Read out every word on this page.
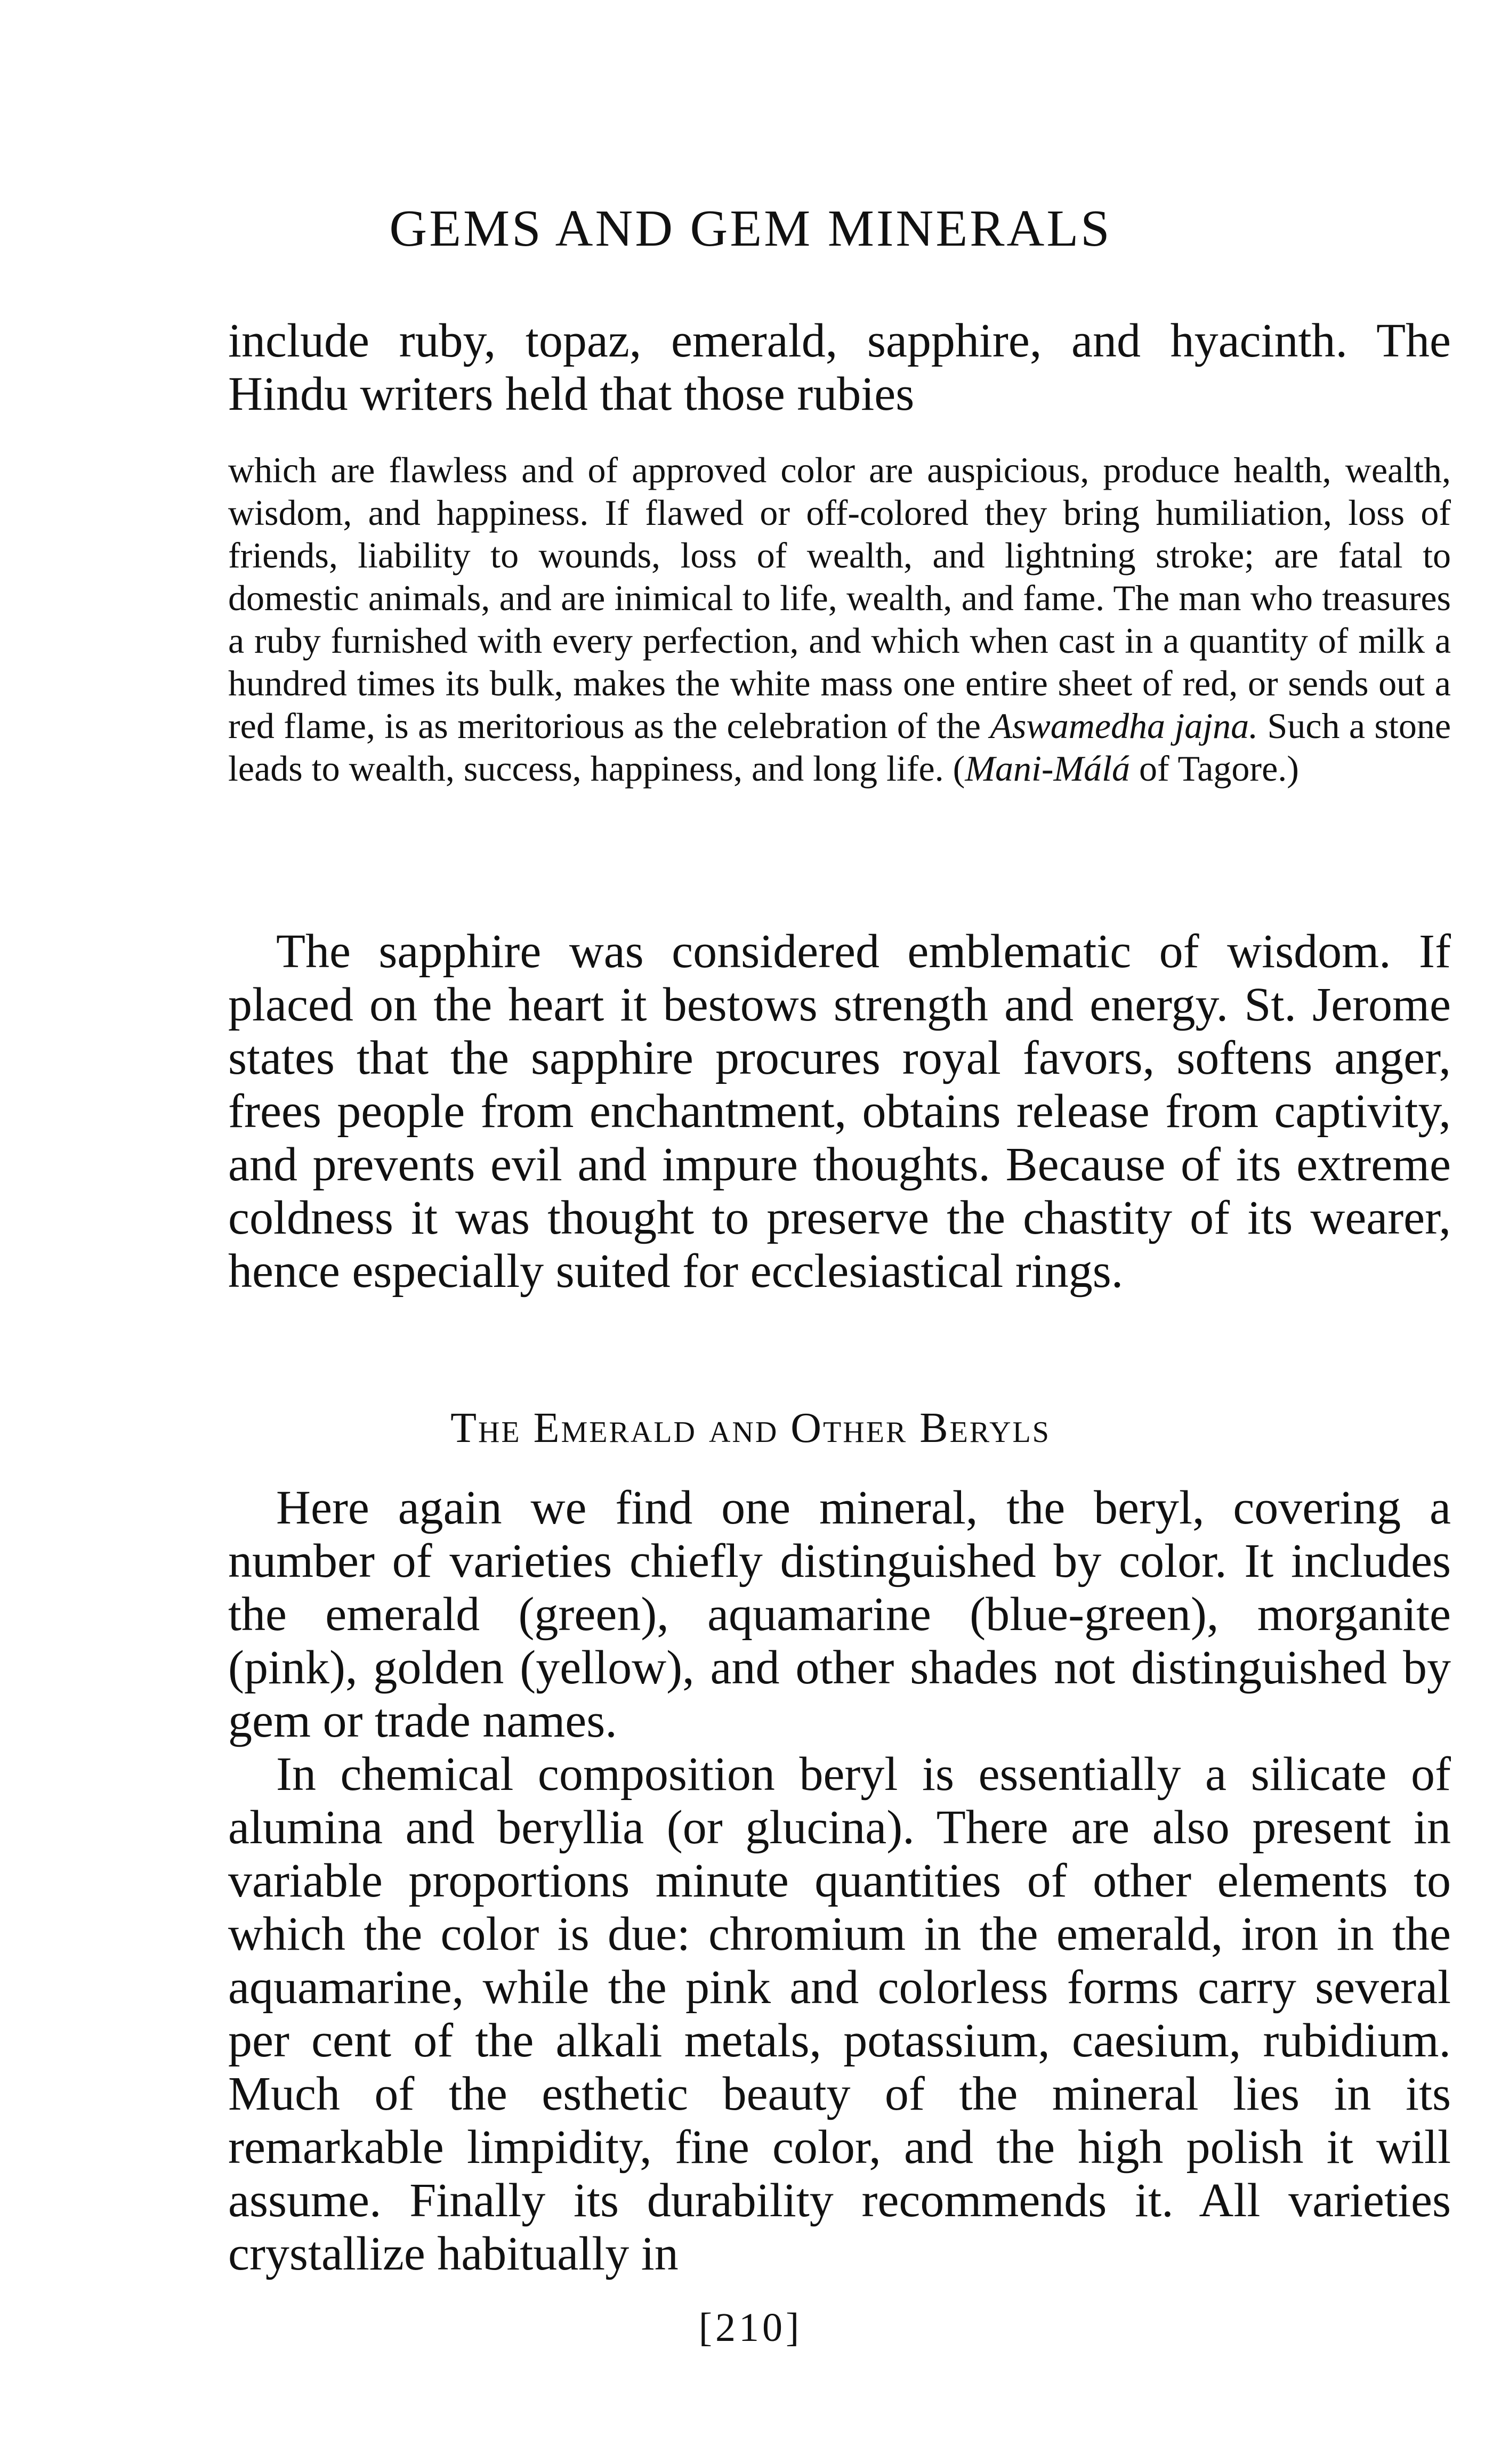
GEMS AND GEM MINERALS

include ruby, topaz, emerald, sapphire, and hyacinth. The Hindu writers held that those rubies

which are flawless and of approved color are auspicious, produce health, wealth, wisdom, and happiness. If flawed or off-colored they bring humiliation, loss of friends, liability to wounds, loss of wealth, and lightning stroke; are fatal to domestic animals, and are inimical to life, wealth, and fame. The man who treasures a ruby furnished with every perfection, and which when cast in a quantity of milk a hundred times its bulk, makes the white mass one entire sheet of red, or sends out a red flame, is as meritorious as the celebration of the Aswamedha jajna. Such a stone leads to wealth, success, happiness, and long life. (Mani-Málá of Tagore.)

The sapphire was considered emblematic of wisdom. If placed on the heart it bestows strength and energy. St. Jerome states that the sapphire procures royal favors, softens anger, frees people from enchantment, obtains release from captivity, and prevents evil and impure thoughts. Because of its extreme coldness it was thought to preserve the chastity of its wearer, hence especially suited for ecclesiastical rings.

The Emerald and Other Beryls

Here again we find one mineral, the beryl, covering a number of varieties chiefly distinguished by color. It includes the emerald (green), aquamarine (blue-green), morganite (pink), golden (yellow), and other shades not distinguished by gem or trade names.

In chemical composition beryl is essentially a silicate of alumina and beryllia (or glucina). There are also present in variable proportions minute quantities of other elements to which the color is due: chromium in the emerald, iron in the aquamarine, while the pink and colorless forms carry several per cent of the alkali metals, potassium, caesium, rubidium. Much of the esthetic beauty of the mineral lies in its remarkable limpidity, fine color, and the high polish it will assume. Finally its durability recommends it. All varieties crystallize habitually in

[210]
